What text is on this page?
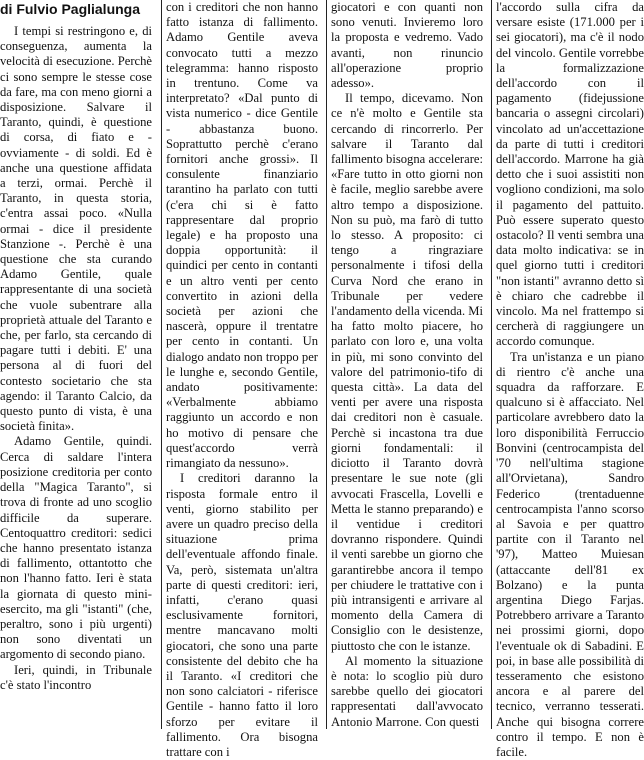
di Fulvio Paglialunga

I tempi si restringono e, di conseguenza, aumenta la velocità di esecuzione. Perchè ci sono sempre le stesse cose da fare, ma con meno giorni a disposizione. Salvare il Taranto, quindi, è questione di corsa, di fiato e - ovviamente - di soldi. Ed è anche una questione affidata a terzi, ormai. Perchè il Taranto, in questa storia, c'entra assai poco. «Nulla ormai - dice il presidente Stanzione -. Perchè è una questione che sta curando Adamo Gentile, quale rappresentante di una società che vuole subentrare alla proprietà attuale del Taranto e che, per farlo, sta cercando di pagare tutti i debiti. E' una persona al di fuori del contesto societario che sta agendo: il Taranto Calcio, da questo punto di vista, è una società finita».

Adamo Gentile, quindi. Cerca di saldare l'intera posizione creditoria per conto della "Magica Taranto", si trova di fronte ad uno scoglio difficile da superare. Centoquattro creditori: sedici che hanno presentato istanza di fallimento, ottantotto che non l'hanno fatto. Ieri è stata la giornata di questo mini-esercito, ma gli "istanti" (che, peraltro, sono i più urgenti) non sono diventati un argomento di secondo piano.

Ieri, quindi, in Tribunale c'è stato l'incontro

con i creditori che non hanno fatto istanza di fallimento. Adamo Gentile aveva convocato tutti a mezzo telegramma: hanno risposto in trentuno. Come va interpretato? «Dal punto di vista numerico - dice Gentile - abbastanza buono. Soprattutto perchè c'erano fornitori anche grossi». Il consulente finanziario tarantino ha parlato con tutti (c'era chi si è fatto rappresentare dal proprio legale) e ha proposto una doppia opportunità: il quindici per cento in contanti e un altro venti per cento convertito in azioni della società per azioni che nascerà, oppure il trentatre per cento in contanti. Un dialogo andato non troppo per le lunghe e, secondo Gentile, andato positivamente: «Verbalmente abbiamo raggiunto un accordo e non ho motivo di pensare che quest'accordo verrà rimangiato da nessuno».

I creditori daranno la risposta formale entro il venti, giorno stabilito per avere un quadro preciso della situazione prima dell'eventuale affondo finale. Va, però, sistemata un'altra parte di questi creditori: ieri, infatti, c'erano quasi esclusivamente fornitori, mentre mancavano molti giocatori, che sono una parte consistente del debito che ha il Taranto. «I creditori che non sono calciatori - riferisce Gentile - hanno fatto il loro sforzo per evitare il fallimento. Ora bisogna trattare con i

giocatori e con quanti non sono venuti. Invieremo loro la proposta e vedremo. Vado avanti, non rinuncio all'operazione proprio adesso».

Il tempo, dicevamo. Non ce n'è molto e Gentile sta cercando di rincorrerlo. Per salvare il Taranto dal fallimento bisogna accelerare: «Fare tutto in otto giorni non è facile, meglio sarebbe avere altro tempo a disposizione. Non su può, ma farò di tutto lo stesso. A proposito: ci tengo a ringraziare personalmente i tifosi della Curva Nord che erano in Tribunale per vedere l'andamento della vicenda. Mi ha fatto molto piacere, ho parlato con loro e, una volta in più, mi sono convinto del valore del patrimonio-tifo di questa città». La data del venti per avere una risposta dai creditori non è casuale. Perchè si incastona tra due giorni fondamentali: il diciotto il Taranto dovrà presentare le sue note (gli avvocati Frascella, Lovelli e Metta le stanno preparando) e il ventidue i creditori dovranno rispondere. Quindi il venti sarebbe un giorno che garantirebbe ancora il tempo per chiudere le trattative con i più intransigenti e arrivare al momento della Camera di Consiglio con le desistenze, piuttosto che con le istanze.

Al momento la situazione è nota: lo scoglio più duro sarebbe quello dei giocatori rappresentati dall'avvocato Antonio Marrone. Con questi

l'accordo sulla cifra da versare esiste (171.000 per i sei giocatori), ma c'è il nodo del vincolo. Gentile vorrebbe la formalizzazione dell'accordo con il pagamento (fidejussione bancaria o assegni circolari) vincolato ad un'accettazione da parte di tutti i creditori dell'accordo. Marrone ha già detto che i suoi assistiti non vogliono condizioni, ma solo il pagamento del pattuito. Può essere superato questo ostacolo? Il venti sembra una data molto indicativa: se in quel giorno tutti i creditori "non istanti" avranno detto sì è chiaro che cadrebbe il vincolo. Ma nel frattempo si cercherà di raggiungere un accordo comunque.

Tra un'istanza e un piano di rientro c'è anche una squadra da rafforzare. E qualcuno si è affacciato. Nel particolare avrebbero dato la loro disponibilità Ferruccio Bonvini (centrocampista del '70 nell'ultima stagione all'Orvietana), Sandro Federico (trentaduenne centrocampista l'anno scorso al Savoia e per quattro partite con il Taranto nel '97), Matteo Muiesan (attaccante dell'81 ex Bolzano) e la punta argentina Diego Farjas. Potrebbero arrivare a Taranto nei prossimi giorni, dopo l'eventuale ok di Sabadini. E poi, in base alle possibilità di tesseramento che esistono ancora e al parere del tecnico, verranno tesserati. Anche qui bisogna correre contro il tempo. E non è facile.
